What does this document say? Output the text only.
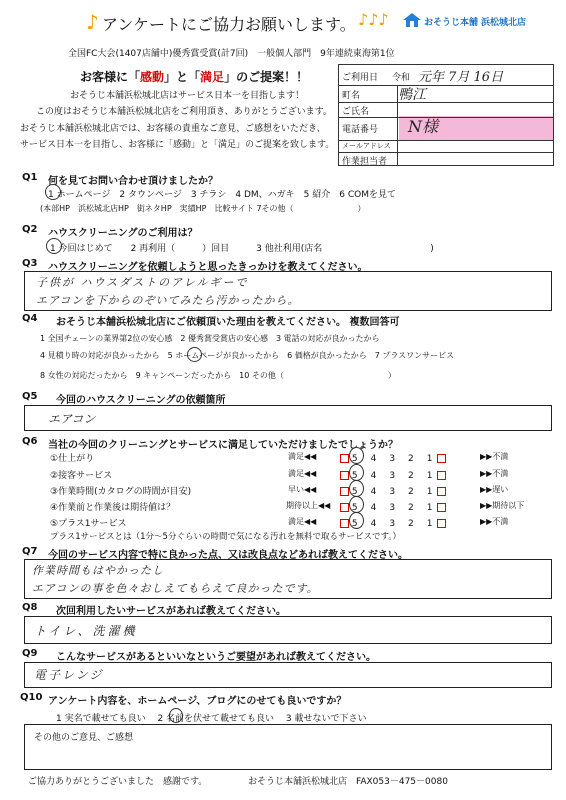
♪ アンケートにご協力お願いします。 ♪♪♪	おそうじ本舗 浜松城北店
全国FC大会(1407店舗中)優秀賞受賞(計7回)　一般個人部門　9年連続東海第1位
お客様に「感動」と「満足」のご提案！！
おそうじ本舗浜松城北店はサービス日本一を目指します！
この度はおそうじ本舗浜松城北店をご利用頂き、ありがとうございます。
おそうじ本舗浜松城北店では、お客様の貴重なご意見、ご感想をいただき、
サービス日本一を目指し、お客様に「感動」と「満足」のご提案を致します。
ご利用日 令和 元年 7月 16日
町名	鴨江
ご氏名
電話番号 N様
メールアドレス
作業担当者
Q1 何を見てお問い合わせ頂けましたか？
1 ホームページ　2 タウンページ　3 チラシ　4 DM、ハガキ　5 紹介　6 COMを見て
(本部HP　浜松城北店HP　街ネタHP　実績HP　比較サイト 7その他（　　　　　　　　）
Q2 ハウスクリーニングのご利用は？
1 今回はじめて　　2 再利用（　　　）回目　　　3 他社利用(店名　　　　　　　　　　　　)
Q3 ハウスクリーニングを依頼しようと思ったきっかけを教えてください。
子供が ハウスダストのアレルギーで
エアコンを下からのぞいてみたら汚かったから。
Q4 おそうじ本舗浜松城北店にご依頼頂いた理由を教えてください。 複数回答可
1 全国チェーンの業界第2位の安心感　2 優秀賞受賞店の安心感　3 電話の対応が良かったから
4 見積り時の対応が良かったから　5 ホームページが良かったから　6 価格が良かったから　7 プラスワンサービス
8 女性の対応だったから　9 キャンペーンだったから　10 その他（　　　　　　　　　　　　　）
Q5 今回のハウスクリーニングの依頼箇所
エアコン
Q6 当社の今回のクリーニングとサービスに満足していただけましたでしょうか？
①仕上がり	満足◀◀	5　4　3　2　1	▶▶不満
②接客サービス	満足◀◀	5　4　3　2　1	▶▶不満
③作業時間(カタログの時間が目安)	早い◀◀	5　4　3　2　1	▶▶遅い
④作業前と作業後は期待値は？	期待以上◀◀	5　4　3　2　1	▶▶期待以下
⑤プラス1サービス	満足◀◀	5　4　3　2　1	▶▶不満
プラス1サービスとは（1分～5分ぐらいの時間で気になる汚れを無料で取るサービスです。）
Q7 今回のサービス内容で特に良かった点、又は改良点などあれば教えてください。
作業時間もはやかったし
エアコンの事を色々おしえてもらえて良かったです。
Q8 次回利用したいサービスがあれば教えてください。
トイレ、洗濯機
Q9 こんなサービスがあるといいなというご要望があれば教えてください。
電子レンジ
Q10 アンケート内容を、ホームページ、ブログにのせても良いですか？
1 実名で載せても良い　 2 名前を伏せて載せても良い　 3 載せないで下さい
その他のご意見、ご感想
ご協力ありがとうございました　感謝です。	おそうじ本舗浜松城北店　FAX053－475－0080
